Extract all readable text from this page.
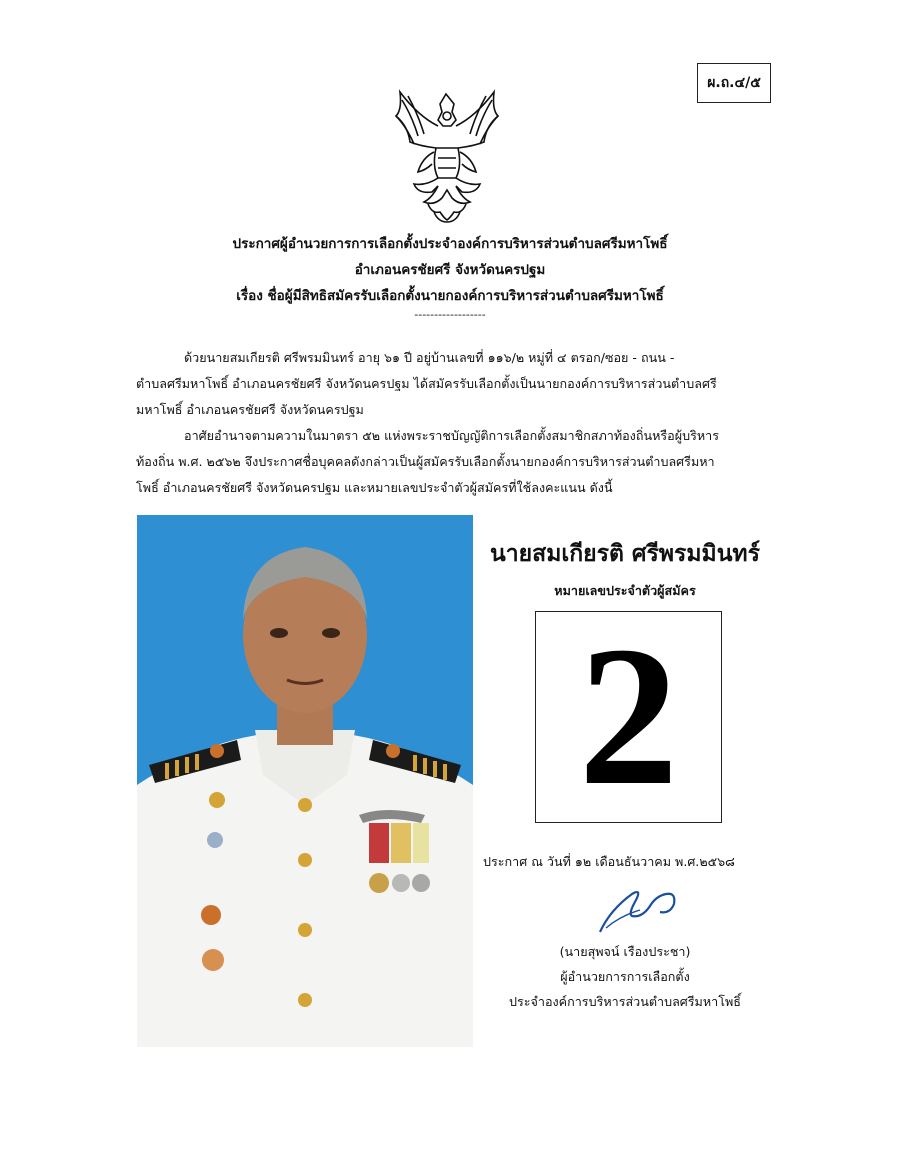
ผ.ถ.๔/๕
ประกาศผู้อำนวยการการเลือกตั้งประจำองค์การบริหารส่วนตำบลศรีมหาโพธิ์
อำเภอนครชัยศรี จังหวัดนครปฐม
เรื่อง ชื่อผู้มีสิทธิสมัครรับเลือกตั้งนายกองค์การบริหารส่วนตำบลศรีมหาโพธิ์
------------------
ด้วยนายสมเกียรติ ศรีพรมมินทร์ อายุ ๖๑ ปี อยู่บ้านเลขที่ ๑๑๖/๒ หมู่ที่ ๔ ตรอก/ซอย - ถนน -
ตำบลศรีมหาโพธิ์ อำเภอนครชัยศรี จังหวัดนครปฐม ได้สมัครรับเลือกตั้งเป็นนายกองค์การบริหารส่วนตำบลศรี
มหาโพธิ์ อำเภอนครชัยศรี จังหวัดนครปฐม
อาศัยอำนาจตามความในมาตรา ๕๒ แห่งพระราชบัญญัติการเลือกตั้งสมาชิกสภาท้องถิ่นหรือผู้บริหาร
ท้องถิ่น พ.ศ. ๒๕๖๒ จึงประกาศชื่อบุคคลดังกล่าวเป็นผู้สมัครรับเลือกตั้งนายกองค์การบริหารส่วนตำบลศรีมหา
โพธิ์ อำเภอนครชัยศรี จังหวัดนครปฐม และหมายเลขประจำตัวผู้สมัครที่ใช้ลงคะแนน ดังนี้
นายสมเกียรติ ศรีพรมมินทร์
หมายเลขประจำตัวผู้สมัคร
2
ประกาศ ณ วันที่ ๑๒ เดือนธันวาคม พ.ศ.๒๕๖๘
(นายสุพจน์ เรืองประชา)
ผู้อำนวยการการเลือกตั้ง
ประจำองค์การบริหารส่วนตำบลศรีมหาโพธิ์
